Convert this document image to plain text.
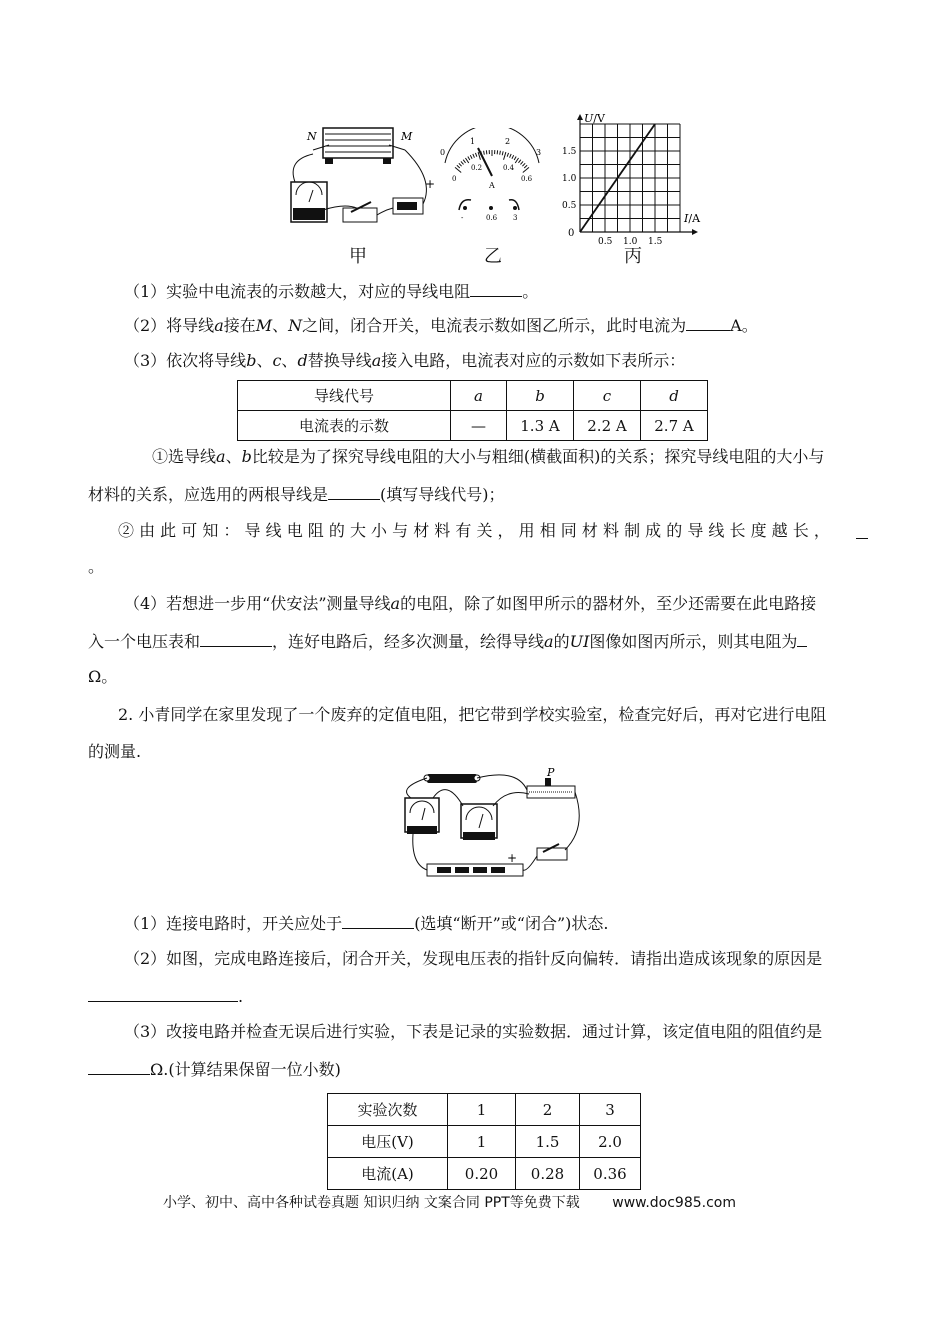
N	M
+
0
1	2
3
0
0.2	0.4
0.6
A
-	0.6 3
U/V
I/A
0
0.5 1.0 1.5
0.5
1.0
1.5
甲	乙	丙
（1）实验中电流表的示数越大，对应的导线电阻	。
（2）将导线a接在M、N之间，闭合开关，电流表示数如图乙所示，此时电流为	A。
（3）依次将导线b、c、d替换导线a接入电路，电流表对应的示数如下表所示：
导线代号	a	b	c	d
电流表的示数	—	1.3 A	2.2 A	2.7 A
①选导线a、b比较是为了探究导线电阻的大小与粗细(横截面积)的关系；探究导线电阻的大小与
材料的关系，应选用的两根导线是	(填写导线代号)；
② 由 此 可 知 ： 导 线 电 阻 的 大 小 与 材 料 有 关 ， 用 相 同 材 料 制 成 的 导 线 长 度 越 长 ，
。
（4）若想进一步用“伏安法”测量导线a的电阻，除了如图甲所示的器材外，至少还需要在此电路接
入一个电压表和	，连好电路后，经多次测量，绘得导线a的UI图像如图丙所示，则其电阻为
Ω。
2. 小青同学在家里发现了一个废弃的定值电阻，把它带到学校实验室，检查完好后，再对它进行电阻
的测量.
P
+
（1）连接电路时，开关应处于	(选填“断开”或“闭合”)状态.
（2）如图，完成电路连接后，闭合开关，发现电压表的指针反向偏转．请指出造成该现象的原因是
.
（3）改接电路并检查无误后进行实验，下表是记录的实验数据．通过计算，该定值电阻的阻值约是
Ω.(计算结果保留一位小数)
实验次数	1	2	3
电压(V)	1	1.5	2.0
电流(A)	0.20	0.28	0.36
小学、初中、高中各种试卷真题 知识归纳 文案合同 PPT等免费下载 www.doc985.com
